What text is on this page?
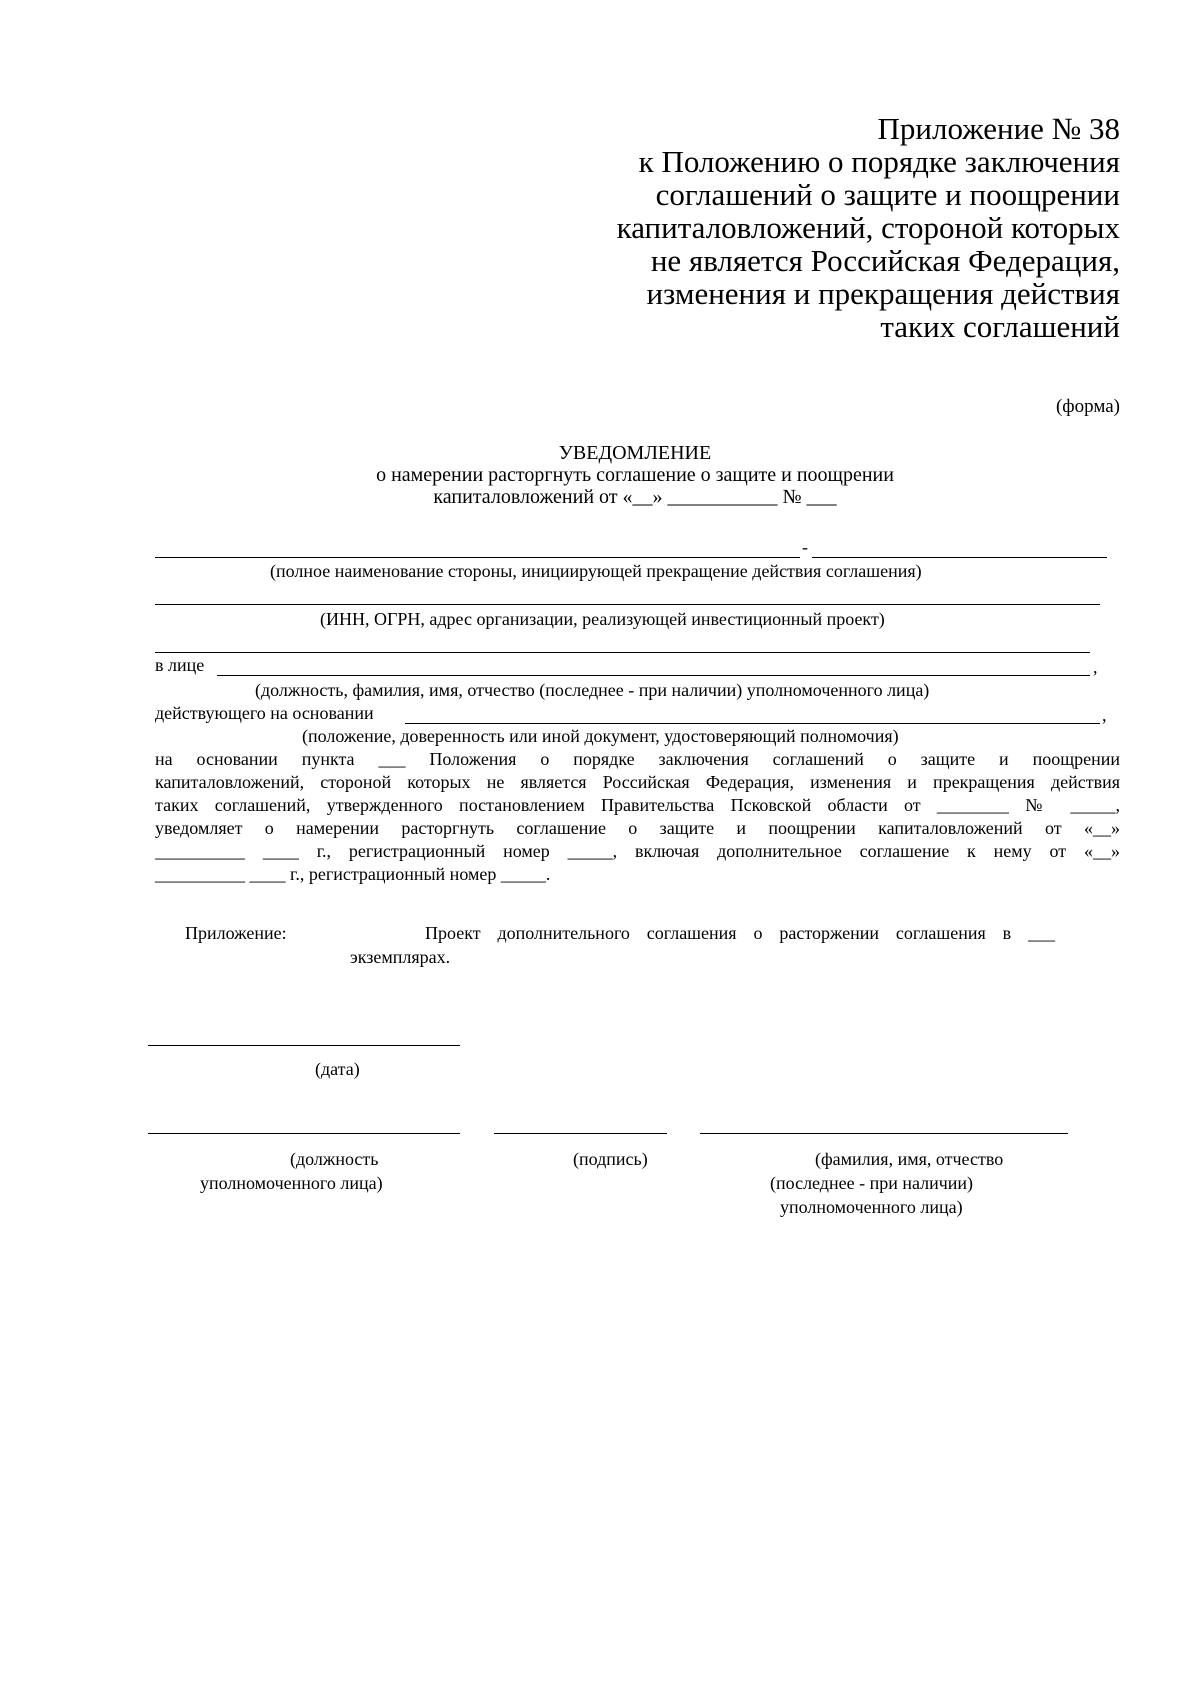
Приложение № 38
к Положению о порядке заключения
соглашений о защите и поощрении
капиталовложений, стороной которых
не является Российская Федерация,
изменения и прекращения действия
таких соглашений
(форма)
УВЕДОМЛЕНИЕ
о намерении расторгнуть соглашение о защите и поощрении
капиталовложений от «__» ___________ № ___
-
(полное наименование стороны, инициирующей прекращение действия соглашения)
(ИНН, ОГРН, адрес организации, реализующей инвестиционный проект)
в лице	,
(должность, фамилия, имя, отчество (последнее - при наличии) уполномоченного лица)
действующего на основании	,
(положение, доверенность или иной документ, удостоверяющий полномочия)
на основании пункта ___ Положения о порядке заключения соглашений о защите и поощрении
капиталовложений, стороной которых не является Российская Федерация, изменения и прекращения действия
таких соглашений, утвержденного постановлением Правительства Псковской области от ________ № _____,
уведомляет о намерении расторгнуть соглашение о защите и поощрении капиталовложений от «__»
__________ ____ г., регистрационный номер _____, включая дополнительное соглашение к нему от «__»
__________ ____ г., регистрационный номер _____.
Приложение:	Проект дополнительного соглашения о расторжении соглашения в ___
экземплярах.
(дата)
(должность
уполномоченного лица)
(подпись)	(фамилия, имя, отчество
(последнее - при наличии)
уполномоченного лица)
